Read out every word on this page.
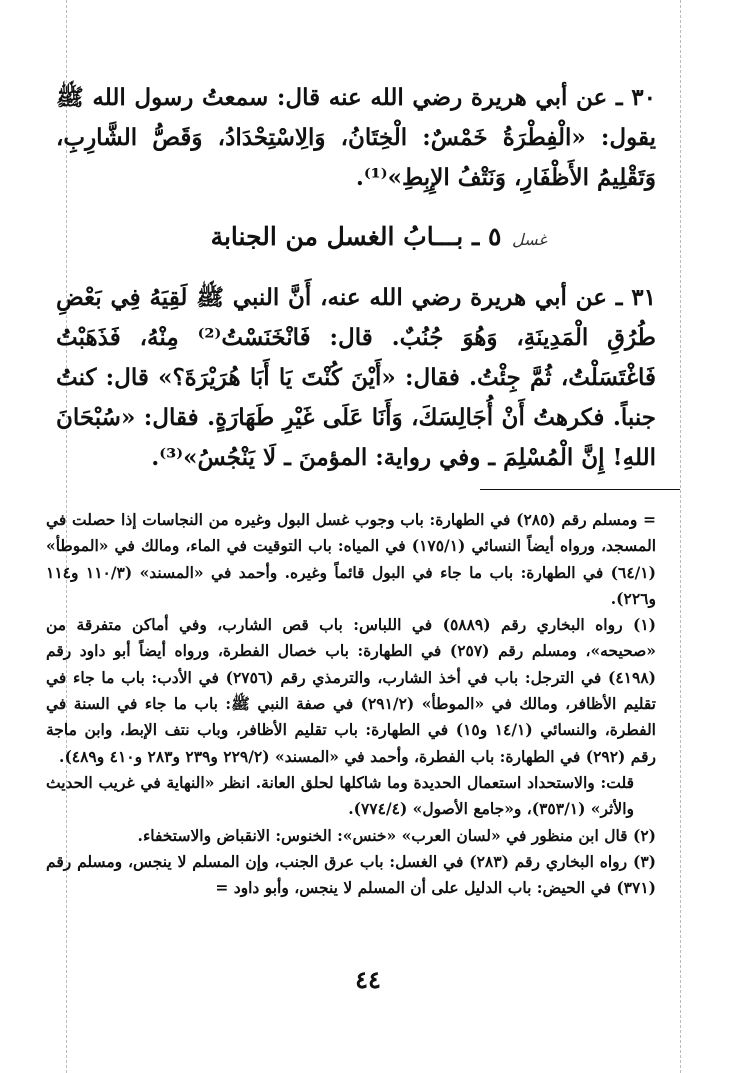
٣٠ ـ عن أبي هريرة رضي الله عنه قال: سمعتُ رسول الله ﷺ يقول: «الْفِطْرَةُ خَمْسٌ: الْخِتَانُ، وَالِاسْتِحْدَادُ، وَقَصُّ الشَّارِبِ، وَتَقْلِيمُ الأَظْفَارِ، وَنَتْفُ الإِبِطِ»⁽¹⁾.

٥ ـ بـــابُ الغسل من الجنابة غسل

٣١ ـ عن أبي هريرة رضي الله عنه، أَنَّ النبي ﷺ لَقِيَهُ فِي بَعْضِ طُرُقِ الْمَدِينَةِ، وَهُوَ جُنُبٌ. قال: فَانْخَنَسْتُ⁽²⁾ مِنْهُ، فَذَهَبْتُ فَاغْتَسَلْتُ، ثُمَّ جِئْتُ. فقال: «أَيْنَ كُنْتَ يَا أَبَا هُرَيْرَةَ؟» قال: كنتُ جنباً. فكرهتُ أَنْ أُجَالِسَكَ، وَأَنَا عَلَى غَيْرِ طَهَارَةٍ. فقال: «سُبْحَانَ اللهِ! إِنَّ الْمُسْلِمَ ـ وفي رواية: المؤمنَ ـ لَا يَنْجُسُ»⁽³⁾.

= ومسلم رقم (٢٨٥) في الطهارة: باب وجوب غسل البول وغيره من النجاسات إذا حصلت في المسجد، ورواه أيضاً النسائي (١٧٥/١) في المياه: باب التوقيت في الماء، ومالك في «الموطأ» (٦٤/١) في الطهارة: باب ما جاء في البول قائماً وغيره. وأحمد في «المسند» (١١٠/٣ و١١٤ و٢٢٦).

(١) رواه البخاري رقم (٥٨٨٩) في اللباس: باب قص الشارب، وفي أماكن متفرقة من «صحيحه»، ومسلم رقم (٢٥٧) في الطهارة: باب خصال الفطرة، ورواه أيضاً أبو داود رقم (٤١٩٨) في الترجل: باب في أخذ الشارب، والترمذي رقم (٢٧٥٦) في الأدب: باب ما جاء في تقليم الأظافر، ومالك في «الموطأ» (٢٩١/٢) في صفة النبي ﷺ: باب ما جاء في السنة في الفطرة، والنسائي (١٤/١ و١٥) في الطهارة: باب تقليم الأظافر، وباب نتف الإبط، وابن ماجة رقم (٢٩٢) في الطهارة: باب الفطرة، وأحمد في «المسند» (٢٢٩/٢ و٢٣٩ و٢٨٣ و٤١٠ و٤٨٩).

قلت: والاستحداد استعمال الحديدة وما شاكلها لحلق العانة. انظر «النهاية في غريب الحديث والأثر» (٣٥٣/١)، و«جامع الأصول» (٧٧٤/٤).

(٢) قال ابن منظور في «لسان العرب» «خنس»: الخنوس: الانقباض والاستخفاء.

(٣) رواه البخاري رقم (٢٨٣) في الغسل: باب عرق الجنب، وإن المسلم لا ينجس، ومسلم رقم (٣٧١) في الحيض: باب الدليل على أن المسلم لا ينجس، وأبو داود =

٤٤
